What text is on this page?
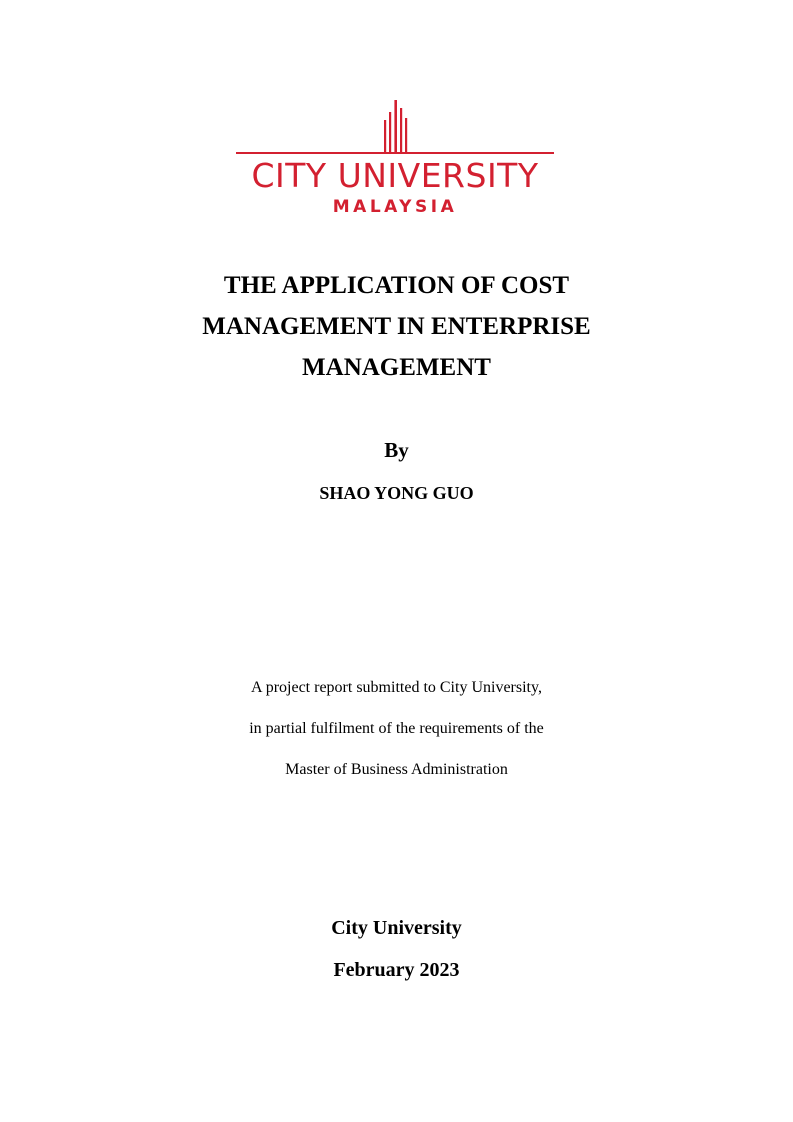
CITY UNIVERSITY
MALAYSIA
THE APPLICATION OF COST
MANAGEMENT IN ENTERPRISE
MANAGEMENT
By
SHAO YONG GUO
A project report submitted to City University,
in partial fulfilment of the requirements of the
Master of Business Administration
City University
February 2023
